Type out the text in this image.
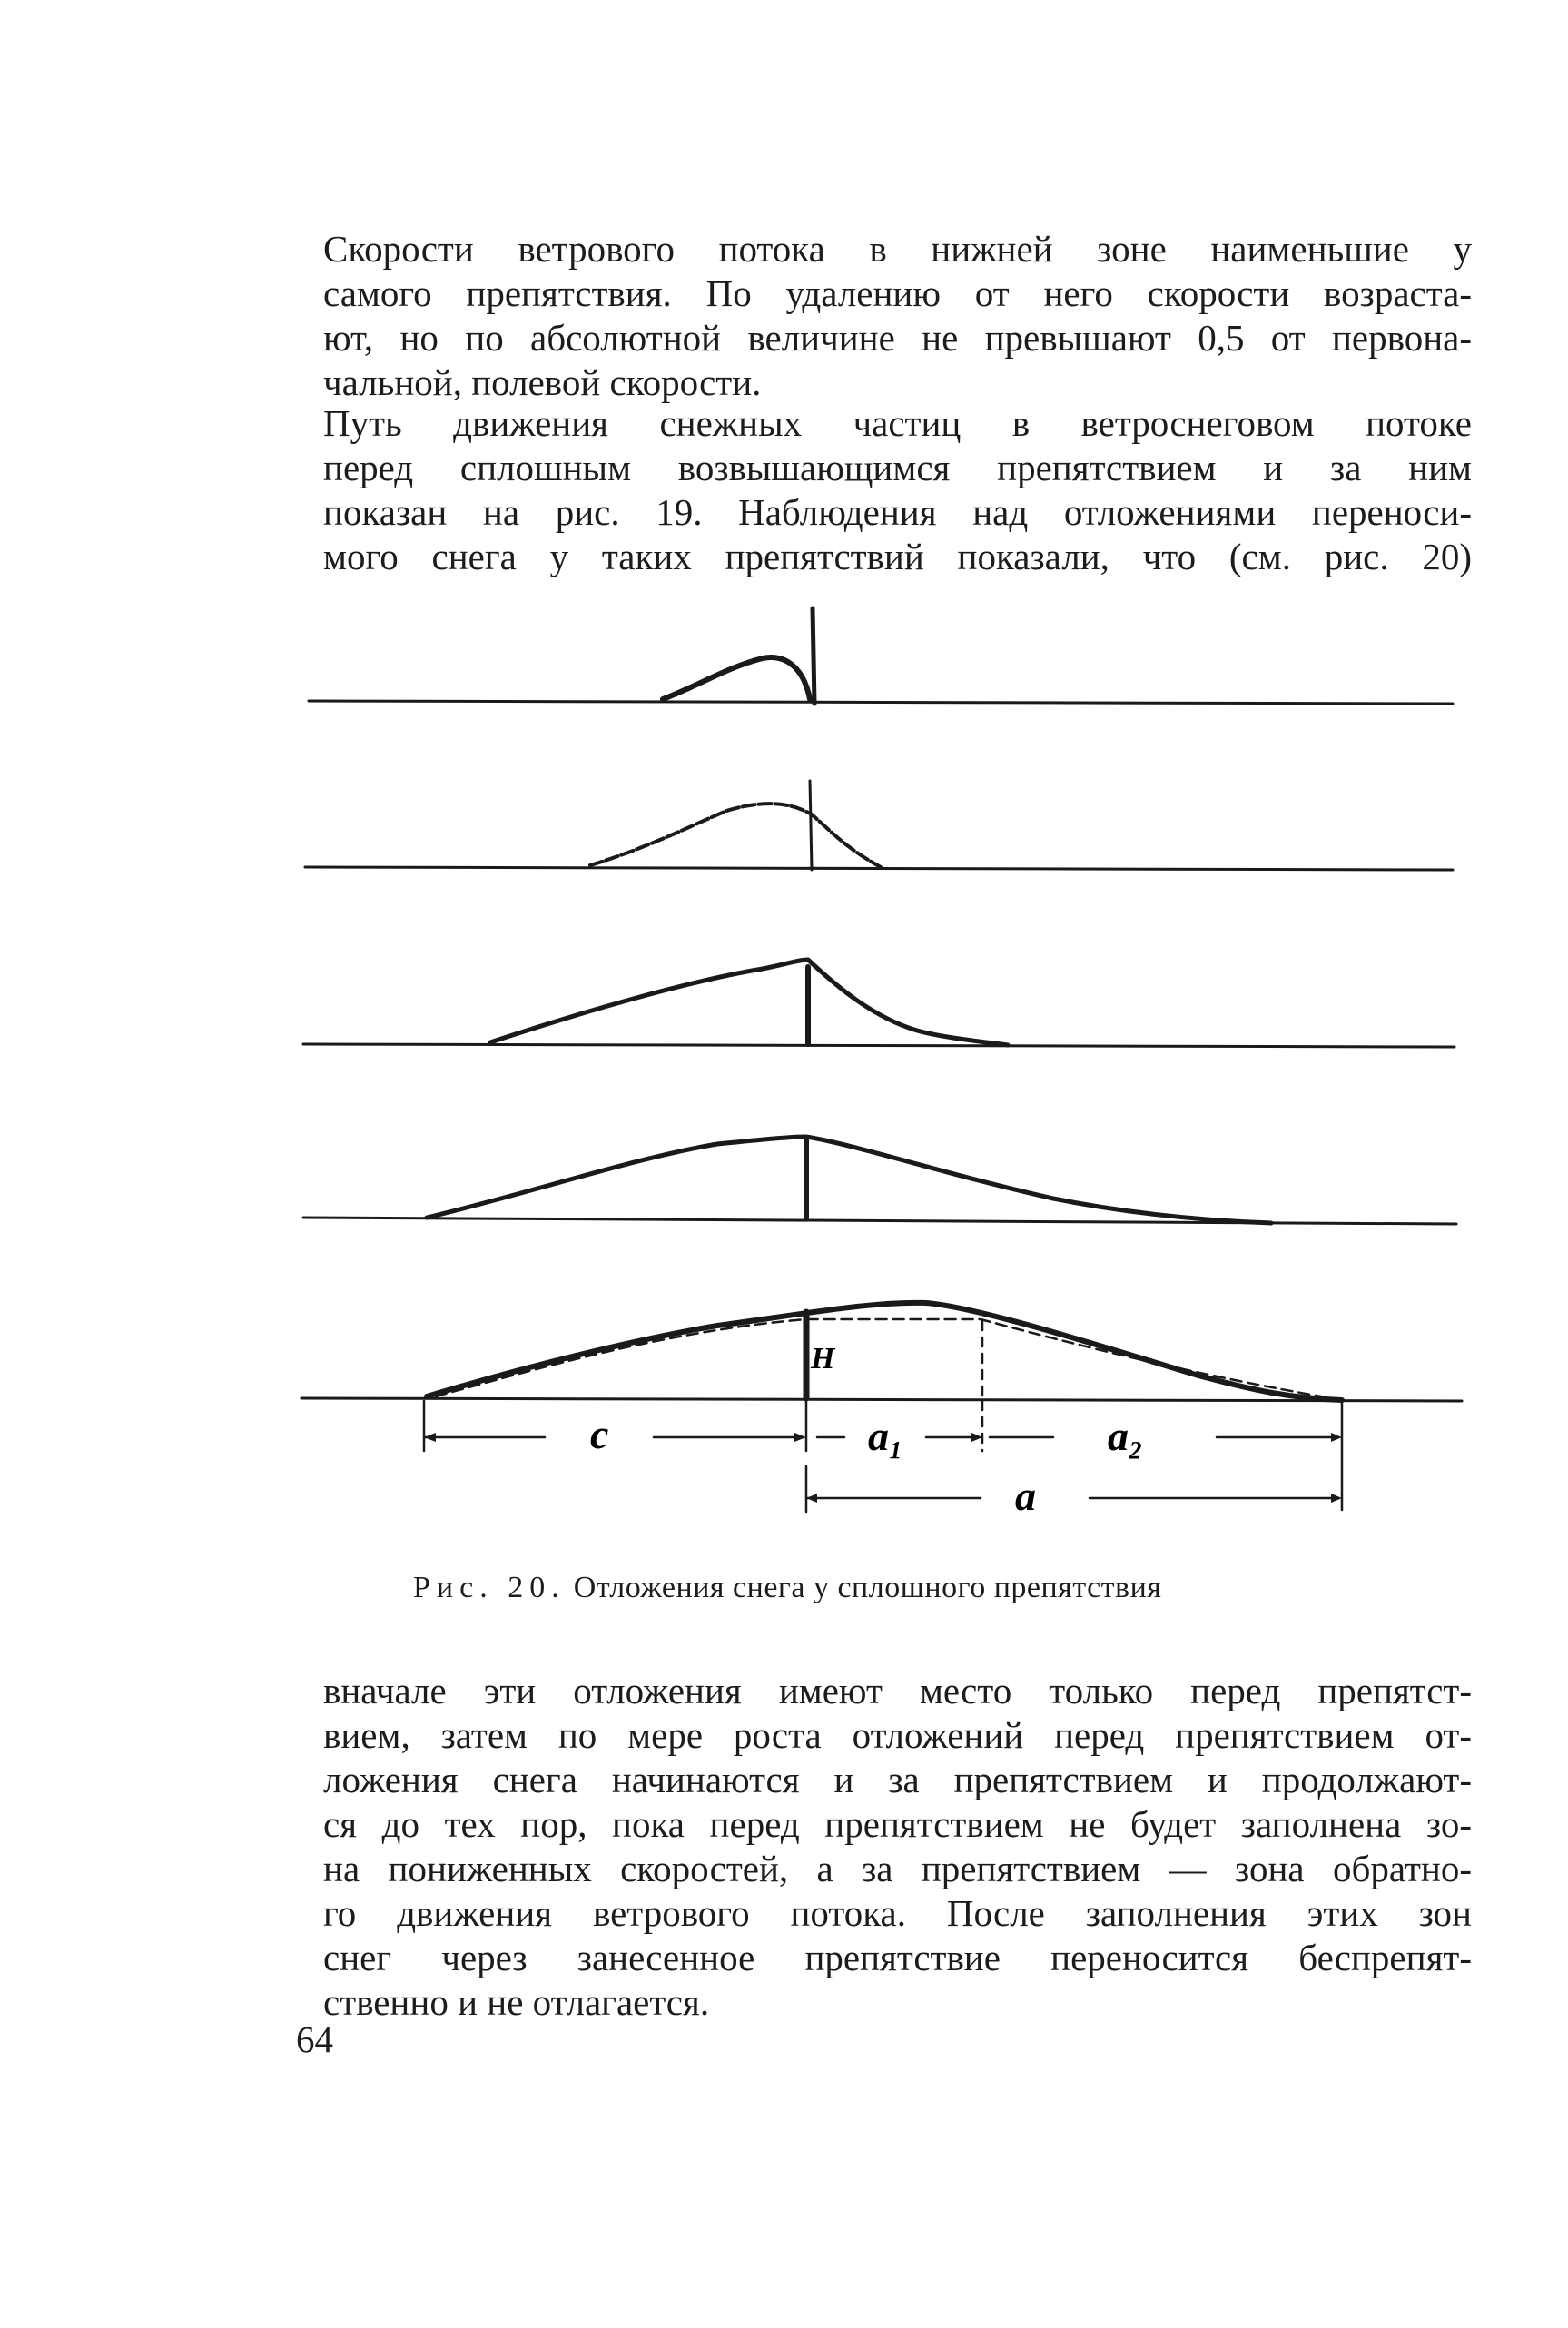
Скорости ветрового потока в нижней зоне наименьшие у
самого препятствия. По удалению от него скорости возраста-
ют, но по абсолютной величине не превышают 0,5 от первона-
чальной, полевой скорости.
Путь движения снежных частиц в ветроснеговом потоке
перед сплошным возвышающимся препятствием и за ним
показан на рис. 19. Наблюдения над отложениями переноси-
мого снега у таких препятствий показали, что (см. рис. 20)
H
c	a₁	a₂
a
Рис. 20. Отложения снега у сплошного препятствия
вначале эти отложения имеют место только перед препятст-
вием, затем по мере роста отложений перед препятствием от-
ложения снега начинаются и за препятствием и продолжают-
ся до тех пор, пока перед препятствием не будет заполнена зо-
на пониженных скоростей, а за препятствием — зона обратно-
го движения ветрового потока. После заполнения этих зон
снег через занесенное препятствие переносится беспрепят-
ственно и не отлагается.
64
